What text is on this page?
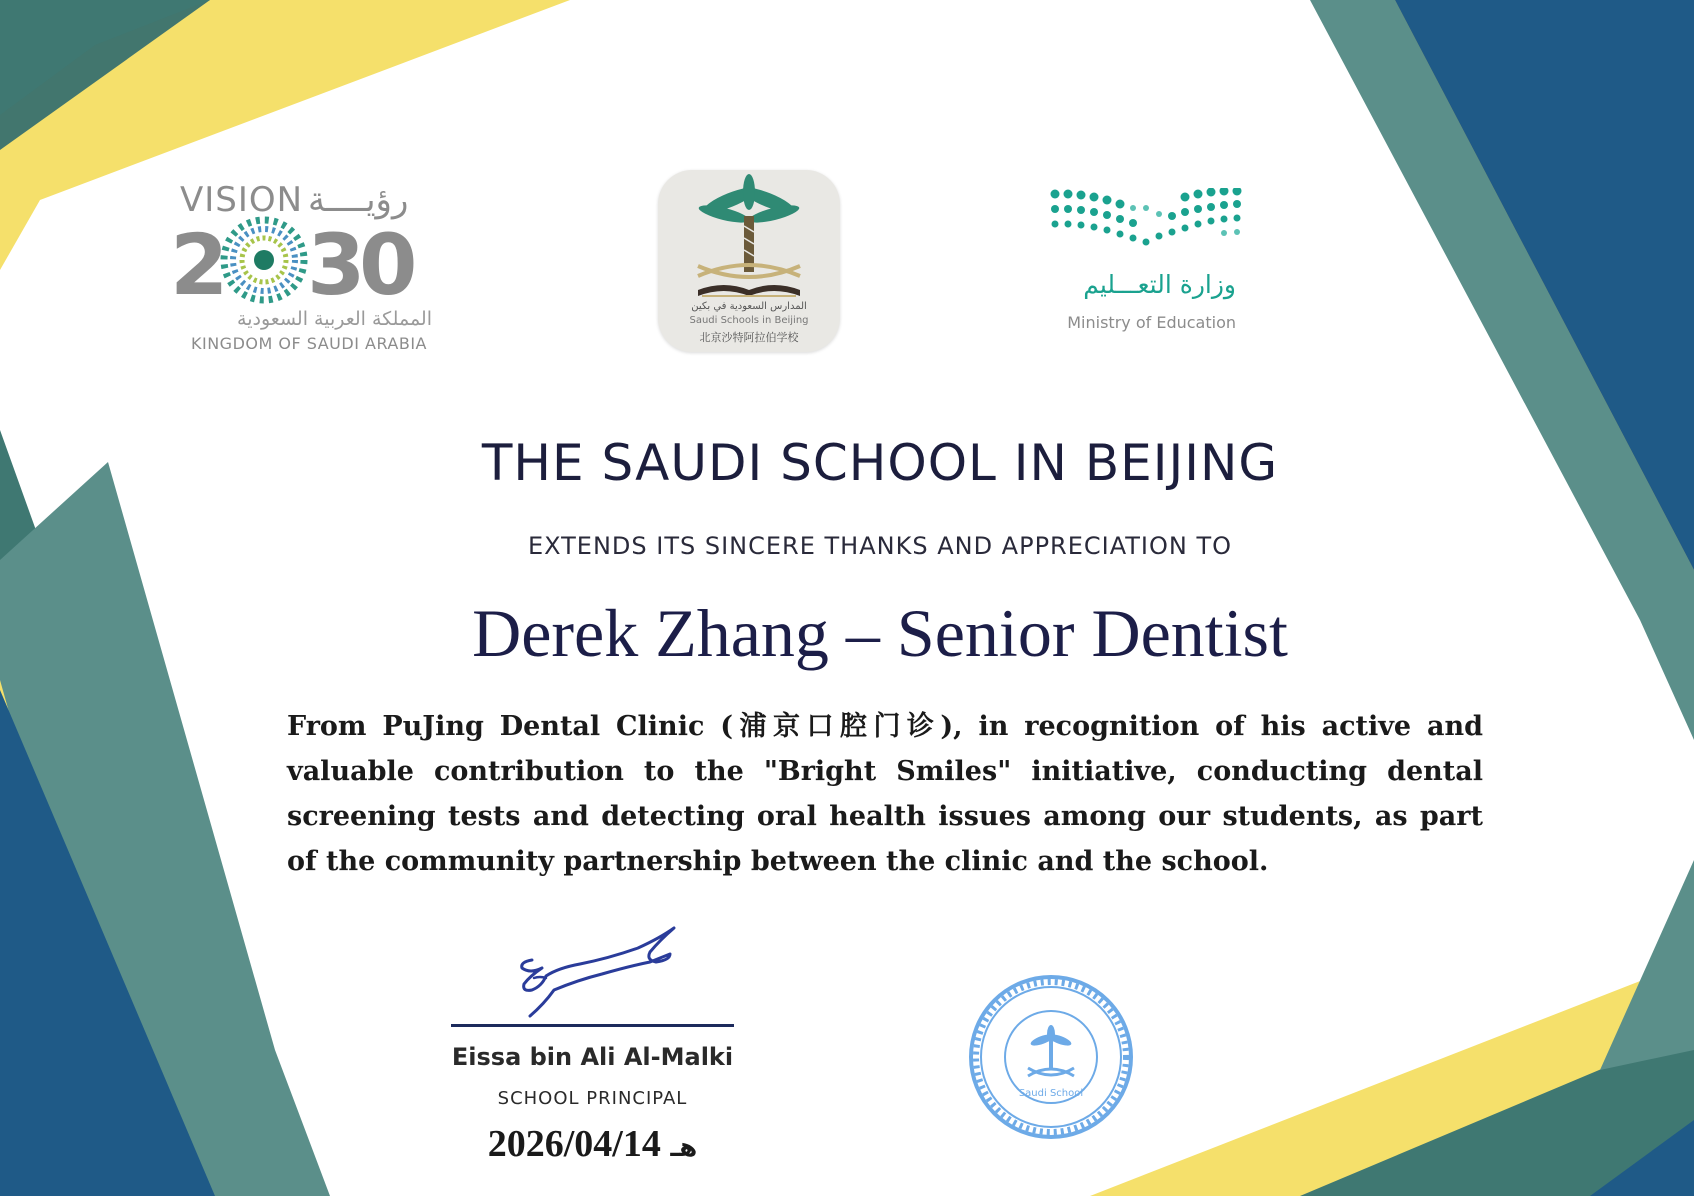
VISION رؤيــــة
2 3
0
المملكة العربية السعودية
KINGDOM OF SAUDI ARABIA
المدارس السعودية في بكين
Saudi Schools in Beijing
北京沙特阿拉伯学校
وزارة التعـــليم
Ministry of Education
THE SAUDI SCHOOL IN BEIJING
EXTENDS ITS SINCERE THANKS AND APPRECIATION TO
Derek Zhang – Senior Dentist
From PuJing Dental Clinic (浦京口腔门诊), in recognition of his active and valuable contribution to the "Bright Smiles" initiative, conducting dental screening tests and detecting oral health issues among our students, as part of the community partnership between the clinic and the school.
Eissa bin Ali Al-Malki
SCHOOL PRINCIPAL
هـ 2026/04/14
Saudi School
